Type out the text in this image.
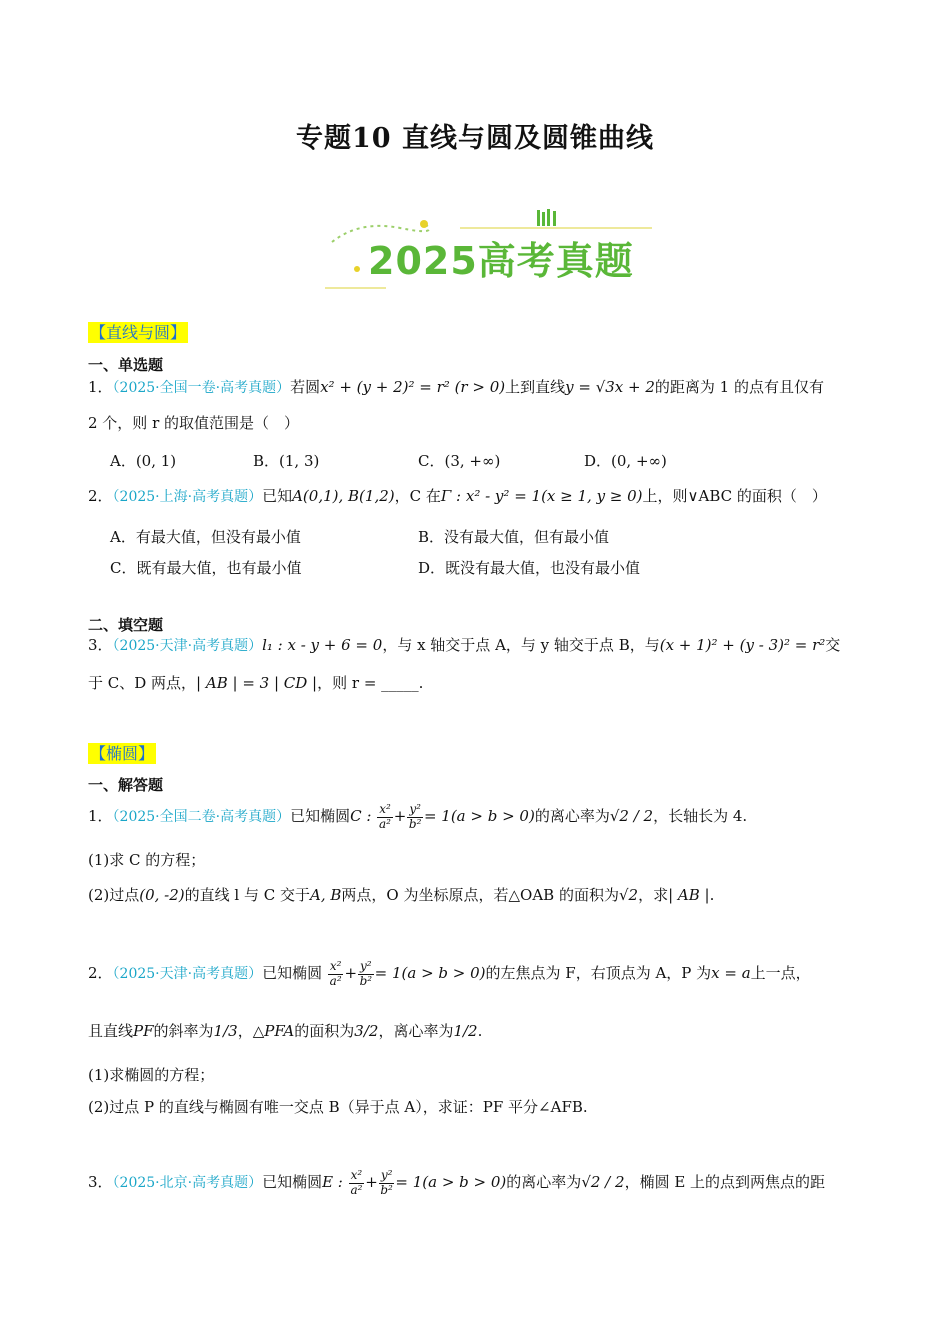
专题10 直线与圆及圆锥曲线
2025高考真题
【直线与圆】
一、单选题
1．（2025·全国一卷·高考真题）若圆x² + (y + 2)² = r² (r > 0)上到直线y = √3x + 2的距离为 1 的点有且仅有
2 个，则 r 的取值范围是（　）
A．(0, 1)	B．(1, 3)	C．(3, +∞)	D．(0, +∞)
2．（2025·上海·高考真题）已知A(0,1), B(1,2)，C 在Γ : x² - y² = 1(x ≥ 1, y ≥ 0)上，则∨ABC 的面积（　）
A．有最大值，但没有最小值	B．没有最大值，但有最小值
C．既有最大值，也有最小值	D．既没有最大值，也没有最小值
二、填空题
3．（2025·天津·高考真题）l₁ : x - y + 6 = 0，与 x 轴交于点 A，与 y 轴交于点 B，与(x + 1)² + (y - 3)² = r²交
于 C、D 两点，| AB | = 3 | CD |，则 r = _____.
【椭圆】
一、解答题
1．（2025·全国二卷·高考真题）已知椭圆C : $\frac{\text{x²}}{\text{a²}} + \frac{\text{y²}}{\text{b²}} = 1(a > b > 0)$的离心率为√2 / 2，长轴长为 4.
(1)求 C 的方程；
(2)过点(0, -2)的直线 l 与 C 交于A, B两点，O 为坐标原点，若△OAB 的面积为√2，求| AB |.
2．（2025·天津·高考真题）已知椭圆 $\frac{\text{x²}}{\text{a²}} + \frac{\text{y²}}{\text{b²}} = 1(a > b > 0)$的左焦点为 F，右顶点为 A，P 为x = a上一点，
且直线PF的斜率为1/3，△PFA的面积为3/2，离心率为1/2.
(1)求椭圆的方程；
(2)过点 P 的直线与椭圆有唯一交点 B（异于点 A），求证：PF 平分∠AFB.
3．（2025·北京·高考真题）已知椭圆E : $\frac{\text{x²}}{\text{a²}} + \frac{\text{y²}}{\text{b²}} = 1(a > b > 0)$的离心率为√2 / 2，椭圆 E 上的点到两焦点的距
